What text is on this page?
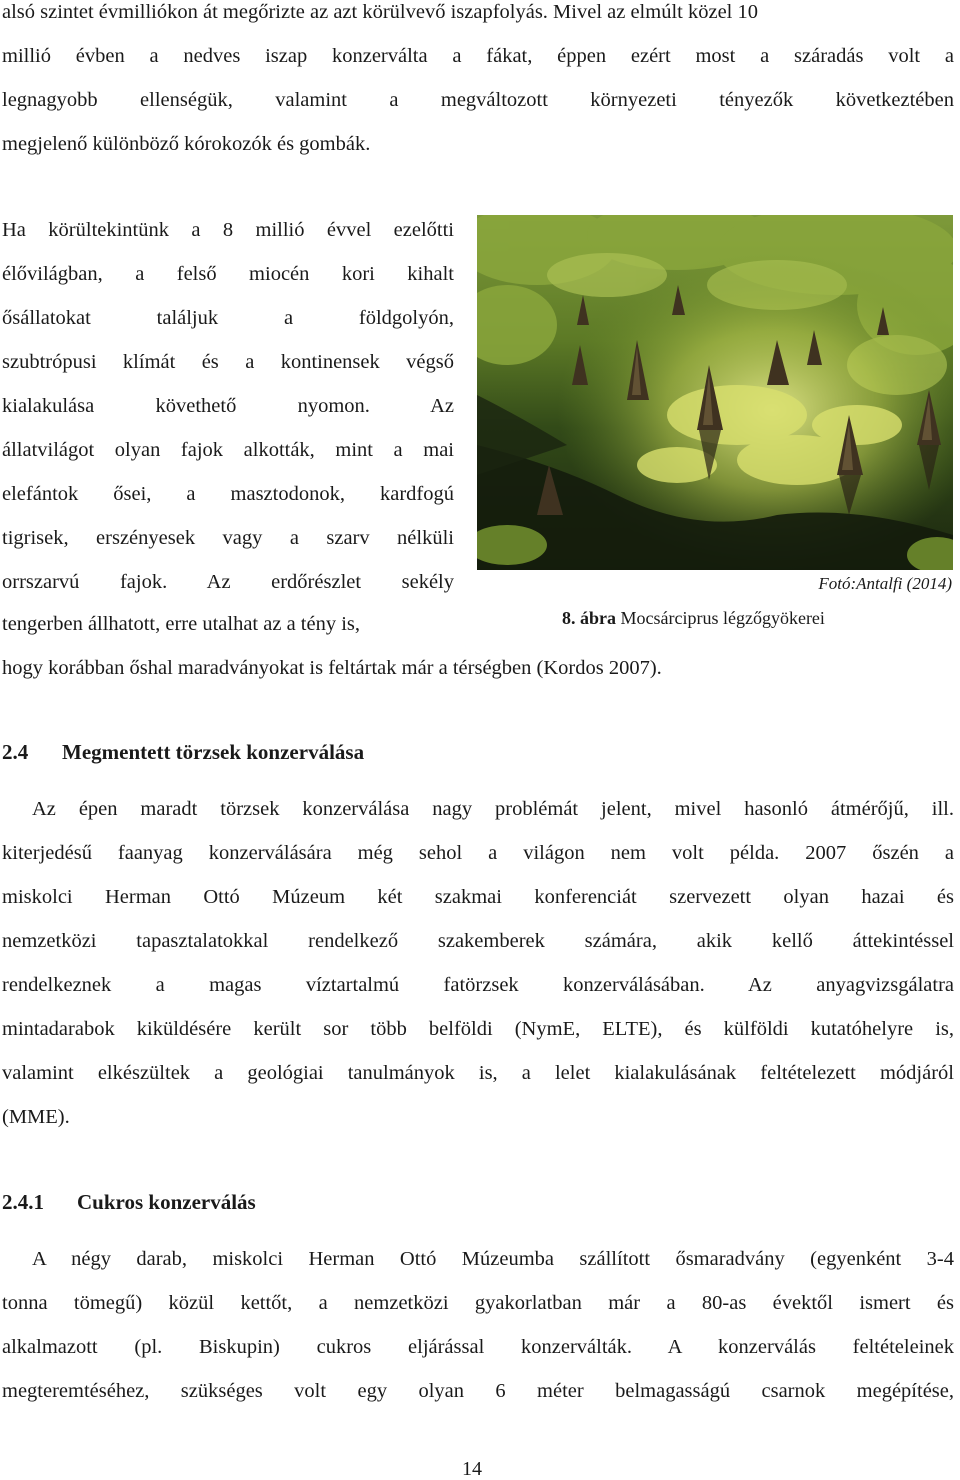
alsó szintet évmilliókon át megőrizte az azt körülvevő iszapfolyás. Mivel az elmúlt közel 10

millió évben a nedves iszap konzerválta a fákat, éppen ezért most a száradás volt a

legnagyobb ellenségük, valamint a megváltozott környezeti tényezők következtében

megjelenő különböző kórokozók és gombák.

Ha körültekintünk a 8 millió évvel ezelőtti

élővilágban, a felső miocén kori kihalt

ősállatokat találjuk a földgolyón,

szubtrópusi klímát és a kontinensek végső

kialakulása követhető nyomon. Az

állatvilágot olyan fajok alkották, mint a mai

elefántok ősei, a masztodonok, kardfogú

tigrisek, erszényesek vagy a szarv nélküli

orrszarvú fajok. Az erdőrészlet sekély

tengerben állhatott, erre utalhat az a tény is,

hogy korábban őshal maradványokat is feltártak már a térségben (Kordos 2007).

Fotó:Antalfi (2014)
8. ábra Mocsárciprus légzőgyökerei
2.4 Megmentett törzsek konzerválása

Az épen maradt törzsek konzerválása nagy problémát jelent, mivel hasonló átmérőjű, ill.

kiterjedésű faanyag konzerválására még sehol a világon nem volt példa. 2007 őszén a

miskolci Herman Ottó Múzeum két szakmai konferenciát szervezett olyan hazai és

nemzetközi tapasztalatokkal rendelkező szakemberek számára, akik kellő áttekintéssel

rendelkeznek a magas víztartalmú fatörzsek konzerválásában. Az anyagvizsgálatra

mintadarabok kiküldésére került sor több belföldi (NymE, ELTE), és külföldi kutatóhelyre is,

valamint elkészültek a geológiai tanulmányok is, a lelet kialakulásának feltételezett módjáról

(MME).

2.4.1 Cukros konzerválás

A négy darab, miskolci Herman Ottó Múzeumba szállított ősmaradvány (egyenként 3-4

tonna tömegű) közül kettőt, a nemzetközi gyakorlatban már a 80-as évektől ismert és

alkalmazott (pl. Biskupin) cukros eljárással konzerválták. A konzerválás feltételeinek

megteremtéséhez, szükséges volt egy olyan 6 méter belmagasságú csarnok megépítése,

14
